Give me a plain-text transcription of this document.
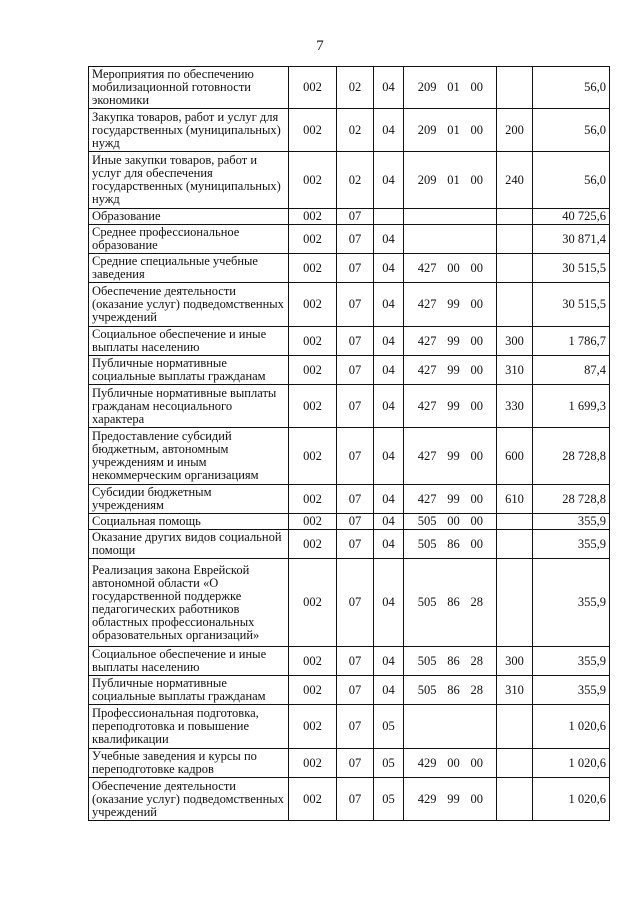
7
Мероприятия по обеспечению мобилизационной готовности экономики	002	02	04	209	01	00		56,0
Закупка товаров, работ и услуг для государственных (муниципальных) нужд	002	02	04	209	01	00	200	56,0
Иные закупки товаров, работ и услуг для обеспечения государственных (муниципальных) нужд	002	02	04	209	01	00	240	56,0
Образование	002	07						40 725,6
Среднее профессиональное образование	002	07	04					30 871,4
Средние специальные учебные заведения	002	07	04	427	00	00		30 515,5
Обеспечение деятельности (оказание услуг) подведомственных учреждений	002	07	04	427	99	00		30 515,5
Социальное обеспечение и иные выплаты населению	002	07	04	427	99	00	300	1 786,7
Публичные нормативные социальные выплаты гражданам	002	07	04	427	99	00	310	87,4
Публичные нормативные выплаты гражданам несоциального характера	002	07	04	427	99	00	330	1 699,3
Предоставление субсидий бюджетным, автономным учреждениям и иным некоммерческим организациям	002	07	04	427	99	00	600	28 728,8
Субсидии бюджетным учреждениям	002	07	04	427	99	00	610	28 728,8
Социальная помощь	002	07	04	505	00	00		355,9
Оказание других видов социальной помощи	002	07	04	505	86	00		355,9
Реализация закона Еврейской автономной области «О государственной поддержке педагогических работников областных профессиональных образовательных организаций»	002	07	04	505	86	28		355,9
Социальное обеспечение и иные выплаты населению	002	07	04	505	86	28	300	355,9
Публичные нормативные социальные выплаты гражданам	002	07	04	505	86	28	310	355,9
Профессиональная подготовка, переподготовка и повышение квалификации	002	07	05					1 020,6
Учебные заведения и курсы по переподготовке кадров	002	07	05	429	00	00		1 020,6
Обеспечение деятельности (оказание услуг) подведомственных учреждений	002	07	05	429	99	00		1 020,6
